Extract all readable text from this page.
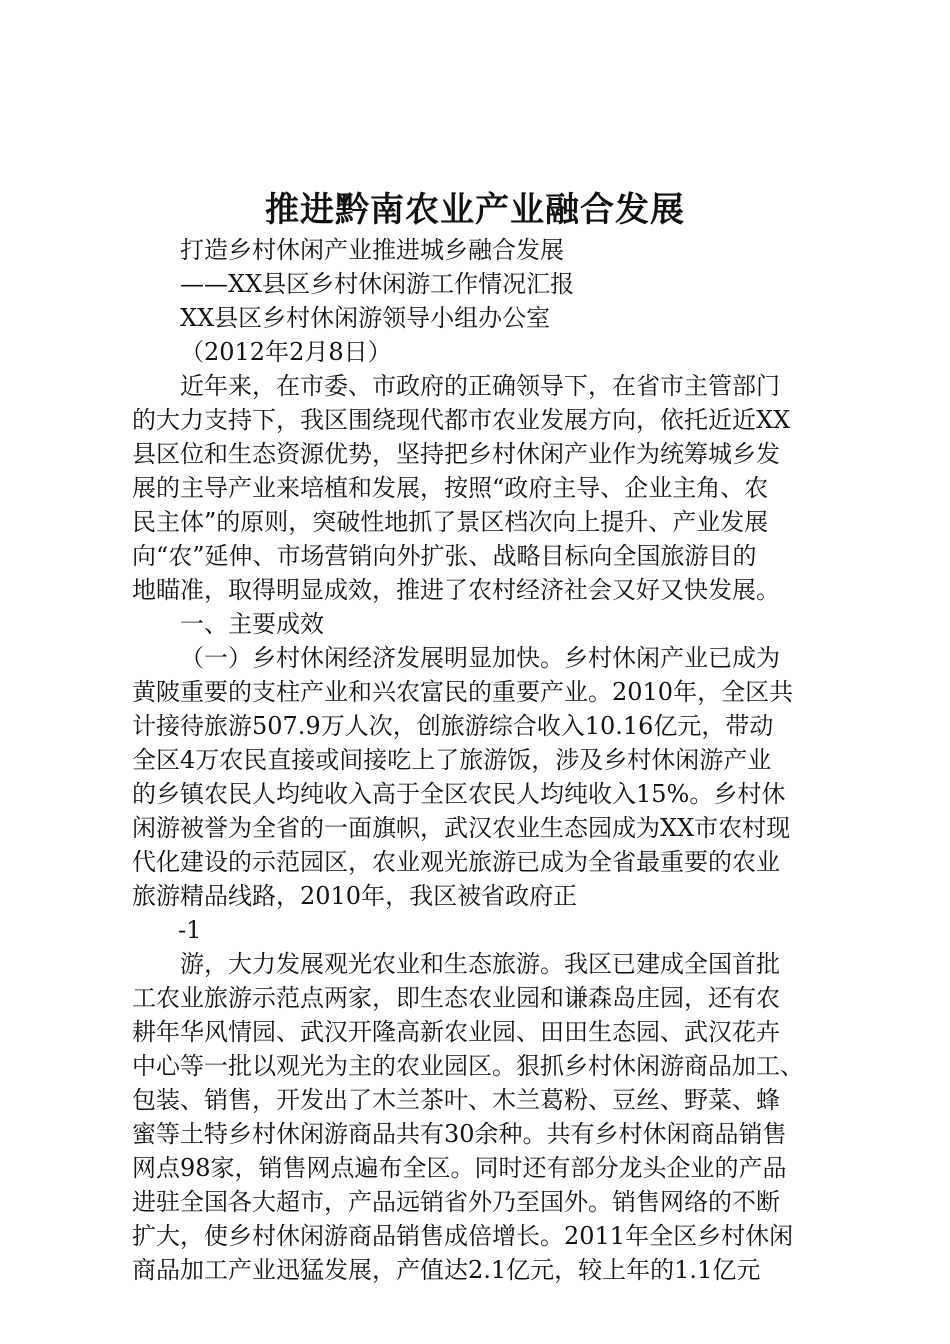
推进黔南农业产业融合发展

打造乡村休闲产业推进城乡融合发展

——XX县区乡村休闲游工作情况汇报

XX县区乡村休闲游领导小组办公室

（2012年2月8日）

近年来，在市委、市政府的正确领导下，在省市主管部门

的大力支持下，我区围绕现代都市农业发展方向，依托近近XX

县区位和生态资源优势，坚持把乡村休闲产业作为统筹城乡发

展的主导产业来培植和发展，按照“政府主导、企业主角、农

民主体”的原则，突破性地抓了景区档次向上提升、产业发展

向“农”延伸、市场营销向外扩张、战略目标向全国旅游目的

地瞄准，取得明显成效，推进了农村经济社会又好又快发展。

一、主要成效

（一）乡村休闲经济发展明显加快。乡村休闲产业已成为

黄陂重要的支柱产业和兴农富民的重要产业。2010年，全区共

计接待旅游507.9万人次，创旅游综合收入10.16亿元，带动

全区4万农民直接或间接吃上了旅游饭，涉及乡村休闲游产业

的乡镇农民人均纯收入高于全区农民人均纯收入15%。乡村休

闲游被誉为全省的一面旗帜，武汉农业生态园成为XX市农村现

代化建设的示范园区，农业观光旅游已成为全省最重要的农业

旅游精品线路，2010年，我区被省政府正

-1

游，大力发展观光农业和生态旅游。我区已建成全国首批

工农业旅游示范点两家，即生态农业园和谦森岛庄园，还有农

耕年华风情园、武汉开隆高新农业园、田田生态园、武汉花卉

中心等一批以观光为主的农业园区。狠抓乡村休闲游商品加工、

包装、销售，开发出了木兰茶叶、木兰葛粉、豆丝、野菜、蜂

蜜等土特乡村休闲游商品共有30余种。共有乡村休闲商品销售

网点98家，销售网点遍布全区。同时还有部分龙头企业的产品

进驻全国各大超市，产品远销省外乃至国外。销售网络的不断

扩大，使乡村休闲游商品销售成倍增长。2011年全区乡村休闲

商品加工产业迅猛发展，产值达2.1亿元，较上年的1.1亿元
